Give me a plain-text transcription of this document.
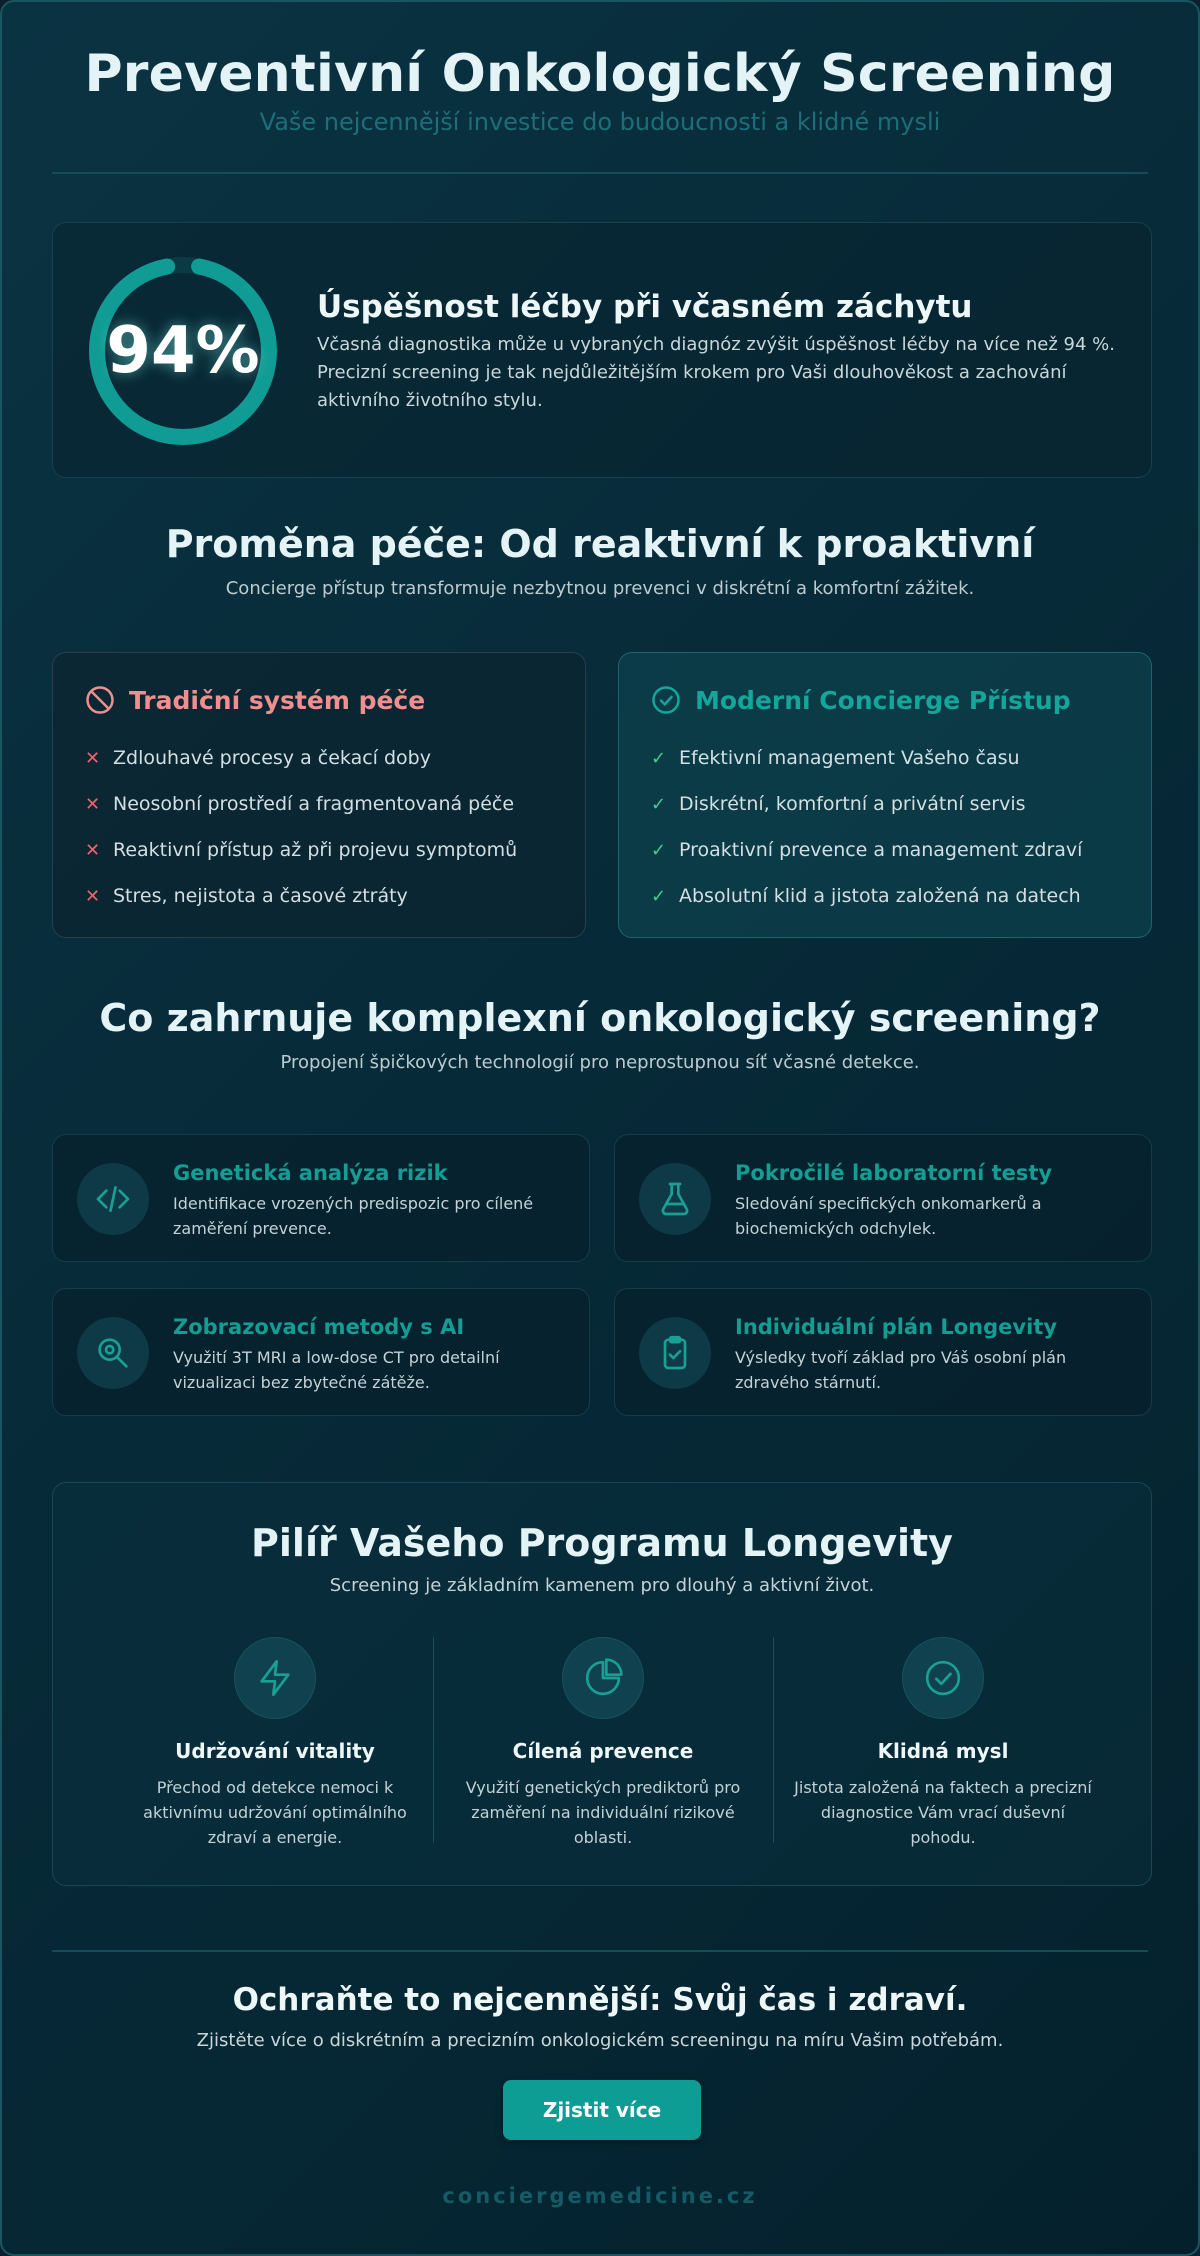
Preventivní Onkologický Screening
Vaše nejcennější investice do budoucnosti a klidné mysli
94%
Úspěšnost léčby při včasném záchytu
Včasná diagnostika může u vybraných diagnóz zvýšit úspěšnost léčby na více než 94 %. Precizní screening je tak nejdůležitějším krokem pro Vaši dlouhověkost a zachování aktivního životního stylu.
Proměna péče: Od reaktivní k proaktivní
Concierge přístup transformuje nezbytnou prevenci v diskrétní a komfortní zážitek.
Tradiční systém péče
✕ Zdlouhavé procesy a čekací doby
✕ Neosobní prostředí a fragmentovaná péče
✕ Reaktivní přístup až při projevu symptomů
✕ Stres, nejistota a časové ztráty
Moderní Concierge Přístup
✓ Efektivní management Vašeho času
✓ Diskrétní, komfortní a privátní servis
✓ Proaktivní prevence a management zdraví
✓ Absolutní klid a jistota založená na datech
Co zahrnuje komplexní onkologický screening?
Propojení špičkových technologií pro neprostupnou síť včasné detekce.
Genetická analýza rizik
Identifikace vrozených predispozic pro cílené zaměření prevence.
Pokročilé laboratorní testy
Sledování specifických onkomarkerů a biochemických odchylek.
Zobrazovací metody s AI
Využití 3T MRI a low-dose CT pro detailní vizualizaci bez zbytečné zátěže.
Individuální plán Longevity
Výsledky tvoří základ pro Váš osobní plán zdravého stárnutí.
Pilíř Vašeho Programu Longevity
Screening je základním kamenem pro dlouhý a aktivní život.
Udržování vitality
Přechod od detekce nemoci k aktivnímu udržování optimálního zdraví a energie.
Cílená prevence
Využití genetických prediktorů pro zaměření na individuální rizikové oblasti.
Klidná mysl
Jistota založená na faktech a precizní diagnostice Vám vrací duševní pohodu.
Ochraňte to nejcennější: Svůj čas i zdraví.
Zjistěte více o diskrétním a precizním onkologickém screeningu na míru Vašim potřebám.
Zjistit více
conciergemedicine.cz
